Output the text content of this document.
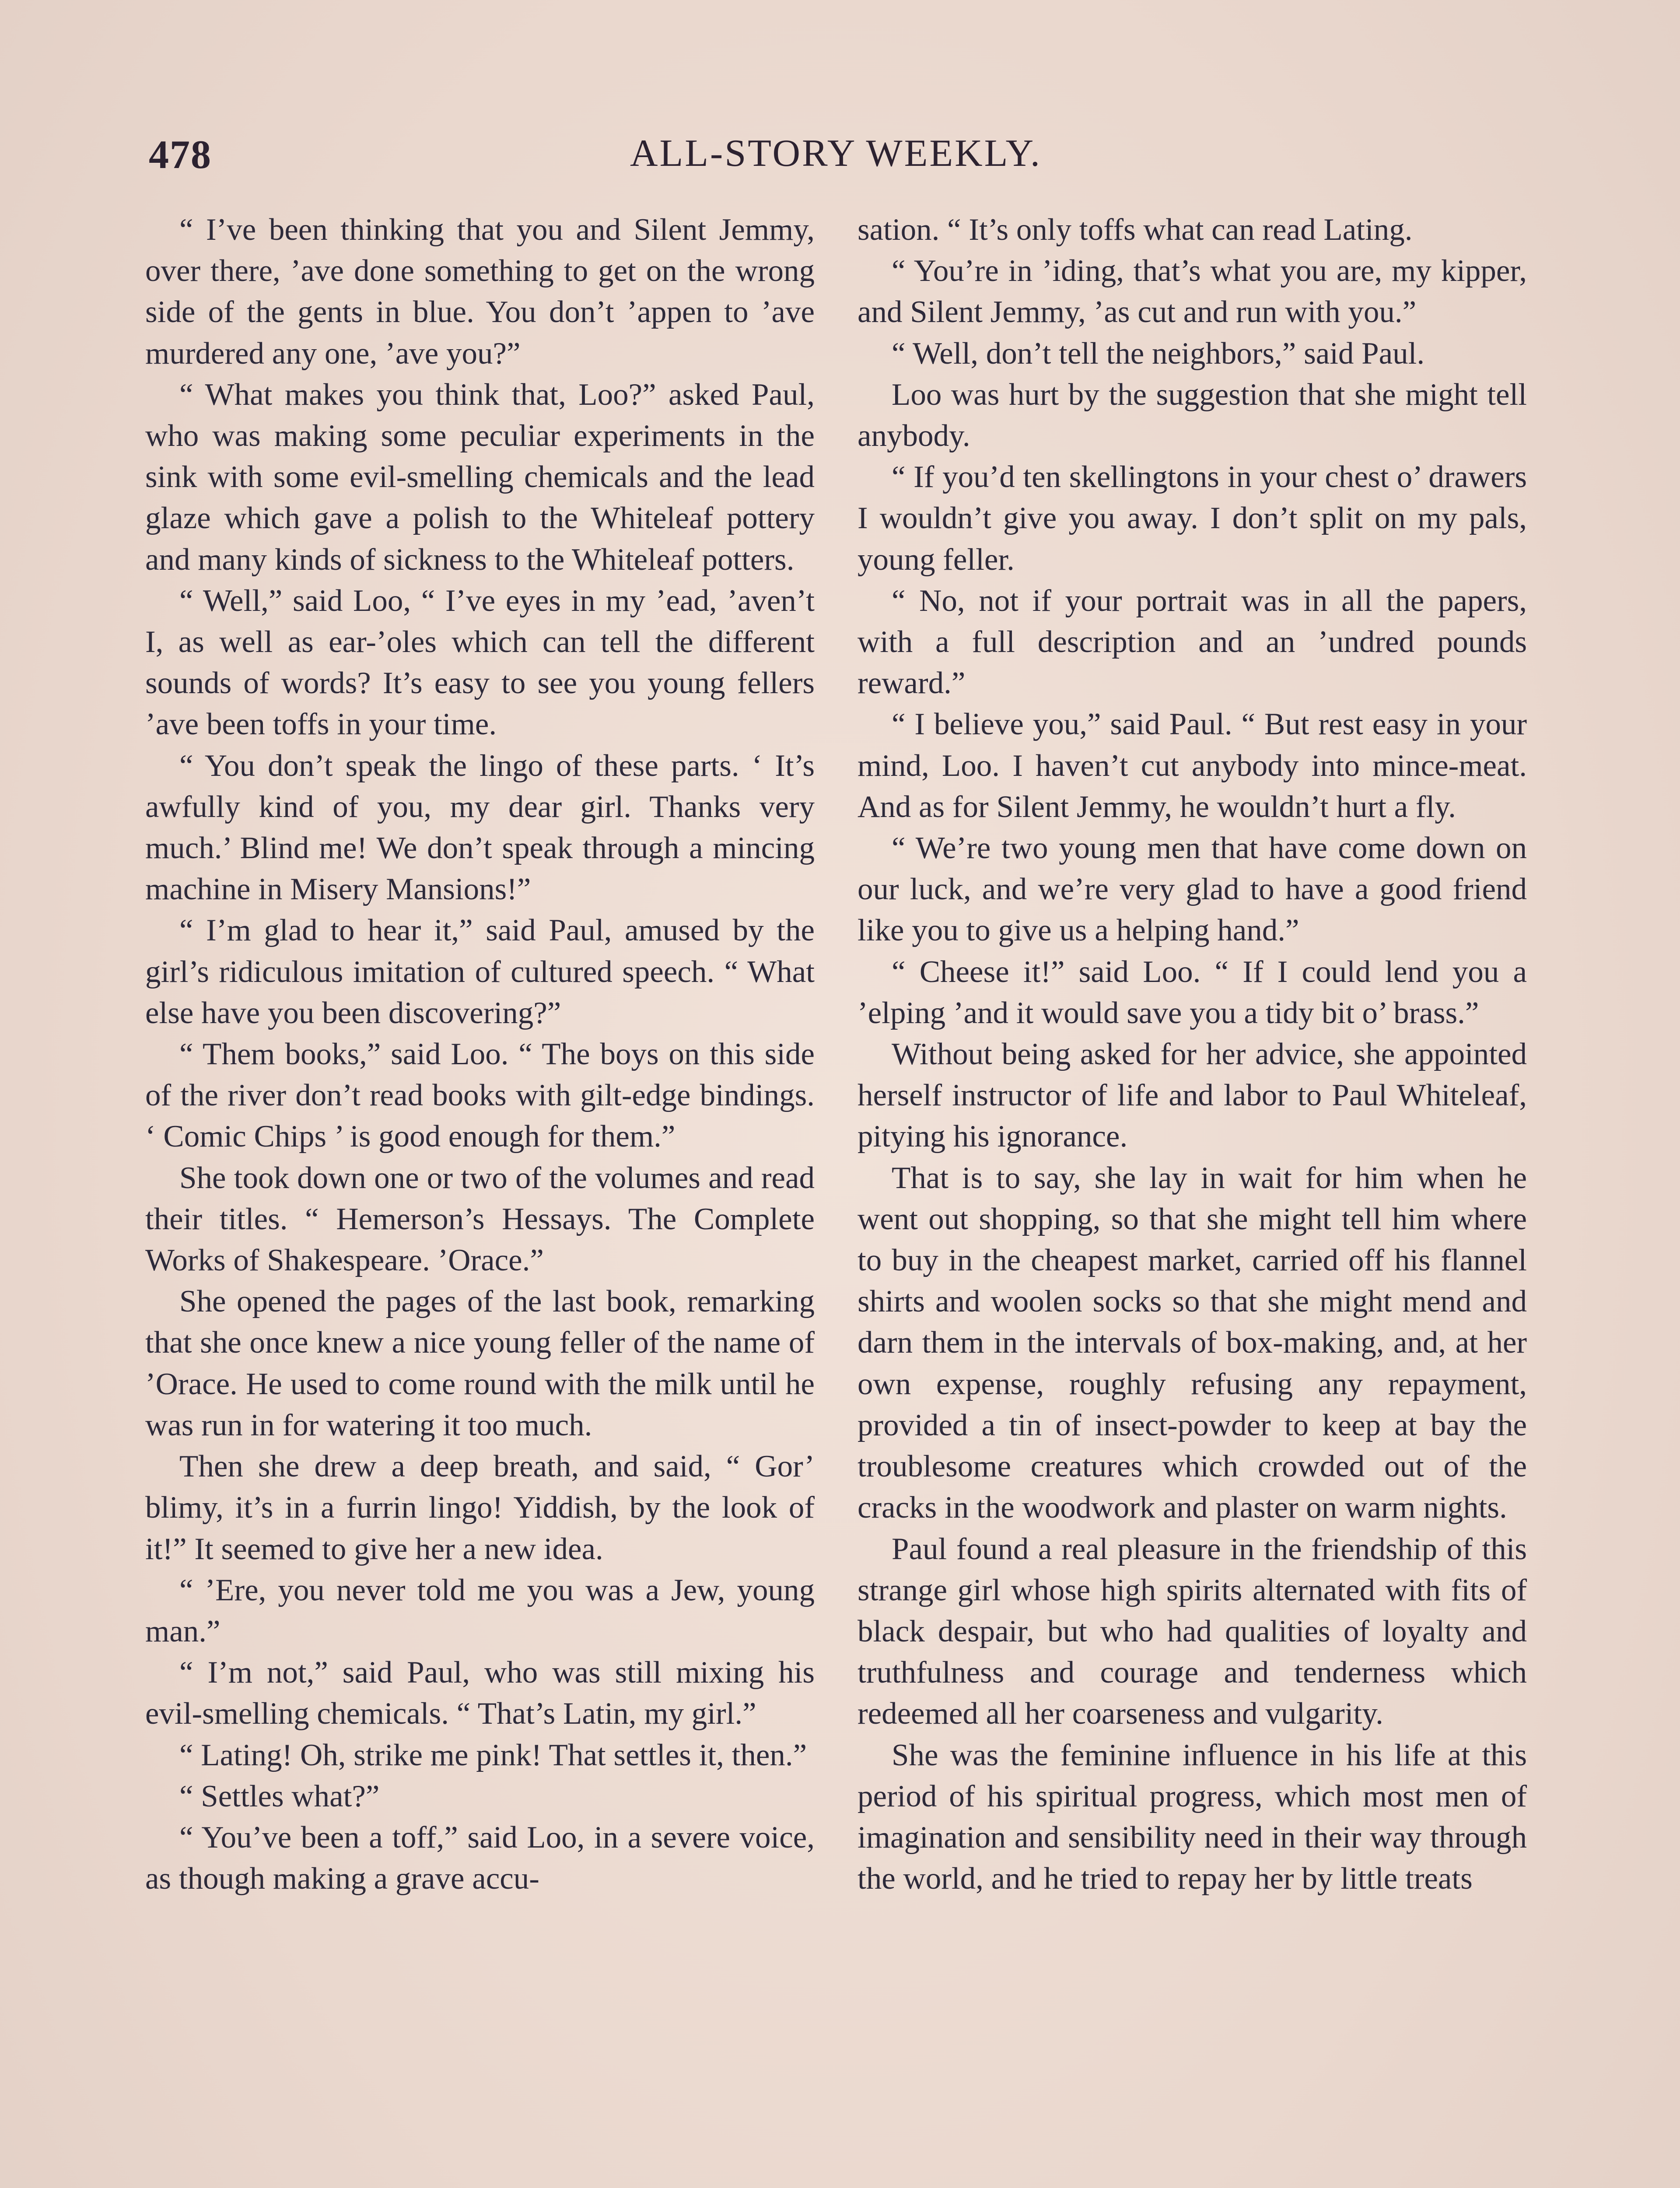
478	ALL-STORY WEEKLY.

“ I’ve been thinking that you and Silent Jemmy, over there, ’ave done something to get on the wrong side of the gents in blue. You don’t ’appen to ’ave murdered any one, ’ave you?”

“ What makes you think that, Loo?” asked Paul, who was making some peculiar experiments in the sink with some evil-smelling chemicals and the lead glaze which gave a polish to the Whiteleaf pottery and many kinds of sickness to the Whiteleaf potters.

“ Well,” said Loo, “ I’ve eyes in my ’ead, ’aven’t I, as well as ear-’oles which can tell the different sounds of words? It’s easy to see you young fellers ’ave been toffs in your time.

“ You don’t speak the lingo of these parts. ‘ It’s awfully kind of you, my dear girl. Thanks very much.’ Blind me! We don’t speak through a mincing machine in Misery Mansions!”

“ I’m glad to hear it,” said Paul, amused by the girl’s ridiculous imitation of cultured speech. “ What else have you been discovering?”

“ Them books,” said Loo. “ The boys on this side of the river don’t read books with gilt-edge bindings. ‘ Comic Chips ’ is good enough for them.”

She took down one or two of the volumes and read their titles. “ Hemerson’s Hessays. The Complete Works of Shakespeare. ’Orace.”

She opened the pages of the last book, remarking that she once knew a nice young feller of the name of ’Orace. He used to come round with the milk until he was run in for watering it too much.

Then she drew a deep breath, and said, “ Gor’ blimy, it’s in a furrin lingo! Yiddish, by the look of it!” It seemed to give her a new idea.

“ ’Ere, you never told me you was a Jew, young man.”

“ I’m not,” said Paul, who was still mixing his evil-smelling chemicals. “ That’s Latin, my girl.”

“ Lating! Oh, strike me pink! That settles it, then.”

“ Settles what?”

“ You’ve been a toff,” said Loo, in a severe voice, as though making a grave accu-

sation. “ It’s only toffs what can read Lating.

“ You’re in ’iding, that’s what you are, my kipper, and Silent Jemmy, ’as cut and run with you.”

“ Well, don’t tell the neighbors,” said Paul.

Loo was hurt by the suggestion that she might tell anybody.

“ If you’d ten skellingtons in your chest o’ drawers I wouldn’t give you away. I don’t split on my pals, young feller.

“ No, not if your portrait was in all the papers, with a full description and an ’undred pounds reward.”

“ I believe you,” said Paul. “ But rest easy in your mind, Loo. I haven’t cut anybody into mince-meat. And as for Silent Jemmy, he wouldn’t hurt a fly.

“ We’re two young men that have come down on our luck, and we’re very glad to have a good friend like you to give us a helping hand.”

“ Cheese it!” said Loo. “ If I could lend you a ’elping ’and it would save you a tidy bit o’ brass.”

Without being asked for her advice, she appointed herself instructor of life and labor to Paul Whiteleaf, pitying his ignorance.

That is to say, she lay in wait for him when he went out shopping, so that she might tell him where to buy in the cheapest market, carried off his flannel shirts and woolen socks so that she might mend and darn them in the intervals of box-making, and, at her own expense, roughly refusing any repayment, provided a tin of insect-powder to keep at bay the troublesome creatures which crowded out of the cracks in the woodwork and plaster on warm nights.

Paul found a real pleasure in the friendship of this strange girl whose high spirits alternated with fits of black despair, but who had qualities of loyalty and truthfulness and courage and tenderness which redeemed all her coarseness and vulgarity.

She was the feminine influence in his life at this period of his spiritual progress, which most men of imagination and sensibility need in their way through the world, and he tried to repay her by little treats
